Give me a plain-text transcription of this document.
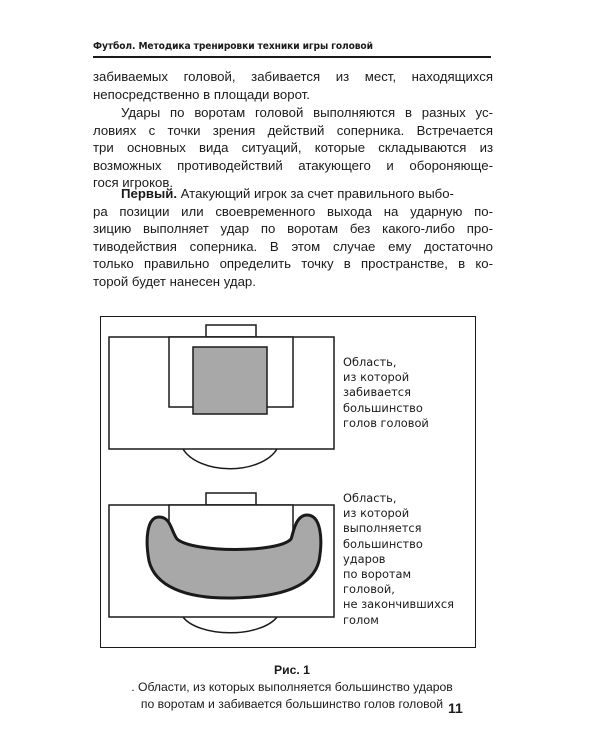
Футбол. Методика тренировки техники игры головой
забиваемых головой, забивается из мест, находящихся
непосредственно в площади ворот.
Удары по воротам головой выполняются в разных ус-
ловиях с точки зрения действий соперника. Встречается
три основных вида ситуаций, которые складываются из
возможных противодействий атакующего и обороняюще-
гося игроков.
Первый. Атакующий игрок за счет правильного выбо-
ра позиции или своевременного выхода на ударную по-
зицию выполняет удар по воротам без какого-либо про-
тиводействия соперника. В этом случае ему достаточно
только правильно определить точку в пространстве, в ко-
торой будет нанесен удар.
Область,
из которой
забивается
большинство
голов головой
Область,
из которой
выполняется
большинство
ударов
по воротам
головой,
не закончившихся
голом
Рис. 1
. Области, из которых выполняется большинство ударов
по воротам и забивается большинство голов головой 11
